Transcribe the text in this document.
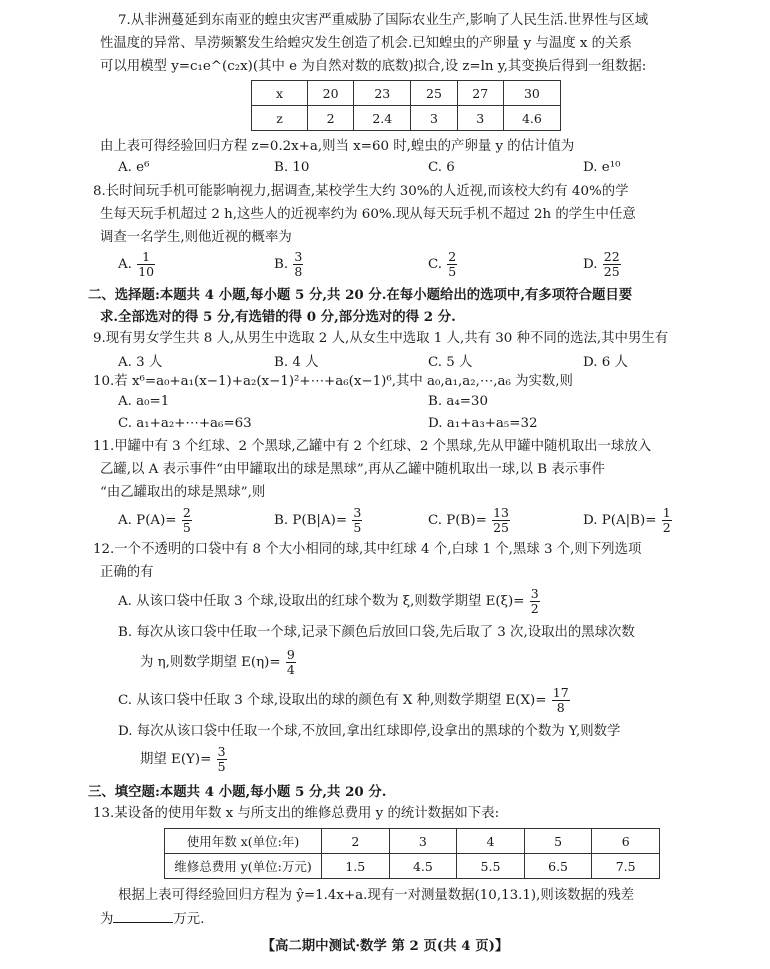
7.从非洲蔓延到东南亚的蝗虫灾害严重威胁了国际农业生产,影响了人民生活.世界性与区域
性温度的异常、旱涝频繁发生给蝗灾发生创造了机会.已知蝗虫的产卵量 y 与温度 x 的关系
可以用模型 y=c₁e^(c₂x)(其中 e 为自然对数的底数)拟合,设 z=ln y,其变换后得到一组数据:
x	20	23	25	27	30
z	2	2.4	3	3	4.6
由上表可得经验回归方程 z=0.2x+a,则当 x=60 时,蝗虫的产卵量 y 的估计值为
A. e⁶	B. 10	C. 6	D. e¹⁰
8.长时间玩手机可能影响视力,据调查,某校学生大约 30%的人近视,而该校大约有 40%的学
生每天玩手机超过 2 h,这些人的近视率约为 60%.现从每天玩手机不超过 2h 的学生中任意
调查一名学生,则他近视的概率为
A. $\frac{1}{10}$	B. $\frac{3}{8}$	C. $\frac{2}{5}$	D. $\frac{22}{25}$
二、选择题:本题共 4 小题,每小题 5 分,共 20 分.在每小题给出的选项中,有多项符合题目要
求.全部选对的得 5 分,有选错的得 0 分,部分选对的得 2 分.
9.现有男女学生共 8 人,从男生中选取 2 人,从女生中选取 1 人,共有 30 种不同的选法,其中男生有
A. 3 人	B. 4 人	C. 5 人	D. 6 人
10.若 x⁶=a₀+a₁(x−1)+a₂(x−1)²+⋯+a₆(x−1)⁶,其中 a₀,a₁,a₂,⋯,a₆ 为实数,则
A. a₀=1	B. a₄=30
C. a₁+a₂+⋯+a₆=63	D. a₁+a₃+a₅=32
11.甲罐中有 3 个红球、2 个黑球,乙罐中有 2 个红球、2 个黑球,先从甲罐中随机取出一球放入
乙罐,以 A 表示事件“由甲罐取出的球是黑球”,再从乙罐中随机取出一球,以 B 表示事件
“由乙罐取出的球是黑球”,则
A. $P(A)= \frac{2}{5}$	B. $P(B|A)= \frac{3}{5}$	C. $P(B)= \frac{13}{25}$	D. $P(A|B)= \frac{1}{2}$
12.一个不透明的口袋中有 8 个大小相同的球,其中红球 4 个,白球 1 个,黑球 3 个,则下列选项
正确的有
A. 从该口袋中任取 3 个球,设取出的红球个数为 ξ,则数学期望 $E(\xi)= \frac{3}{2}$
B. 每次从该口袋中任取一个球,记录下颜色后放回口袋,先后取了 3 次,设取出的黑球次数
为 η,则数学期望 $E(\eta)= \frac{9}{4}$
C. 从该口袋中任取 3 个球,设取出的球的颜色有 X 种,则数学期望 $E(X)= \frac{17}{8}$
D. 每次从该口袋中任取一个球,不放回,拿出红球即停,设拿出的黑球的个数为 Y,则数学
期望 $E(Y)= \frac{3}{5}$
三、填空题:本题共 4 小题,每小题 5 分,共 20 分.
13.某设备的使用年数 x 与所支出的维修总费用 y 的统计数据如下表:
使用年数 x(单位:年)	2	3	4	5	6
维修总费用 y(单位:万元)	1.5	4.5	5.5	6.5	7.5
根据上表可得经验回归方程为 ŷ=1.4x+a.现有一对测量数据(10,13.1),则该数据的残差
为	万元.
【高二期中测试·数学 第 2 页(共 4 页)】
